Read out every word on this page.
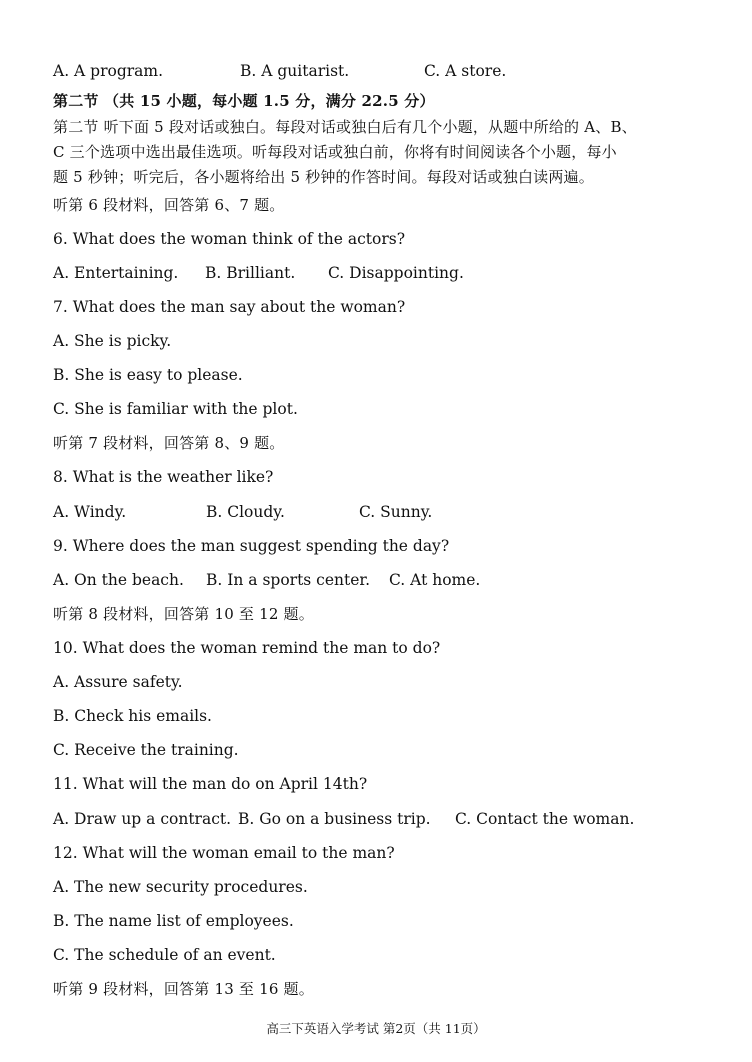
A. A program.	B. A guitarist.	C. A store.
第二节 （共 15 小题，每小题 1.5 分，满分 22.5 分）
第二节 听下面 5 段对话或独白。每段对话或独白后有几个小题，从题中所给的 A、B、
C 三个选项中选出最佳选项。听每段对话或独白前，你将有时间阅读各个小题，每小
题 5 秒钟；听完后，各小题将给出 5 秒钟的作答时间。每段对话或独白读两遍。
听第 6 段材料，回答第 6、7 题。
6. What does the woman think of the actors?
A. Entertaining. B. Brilliant. C. Disappointing.
7. What does the man say about the woman?
A. She is picky.
B. She is easy to please.
C. She is familiar with the plot.
听第 7 段材料，回答第 8、9 题。
8. What is the weather like?
A. Windy.	B. Cloudy.	C. Sunny.
9. Where does the man suggest spending the day?
A. On the beach. B. In a sports center. C. At home.
听第 8 段材料，回答第 10 至 12 题。
10. What does the woman remind the man to do?
A. Assure safety.
B. Check his emails.
C. Receive the training.
11. What will the man do on April 14th?
A. Draw up a contract. B. Go on a business trip. C. Contact the woman.
12. What will the woman email to the man?
A. The new security procedures.
B. The name list of employees.
C. The schedule of an event.
听第 9 段材料，回答第 13 至 16 题。
高三下英语入学考试 第2页（共 11页）
